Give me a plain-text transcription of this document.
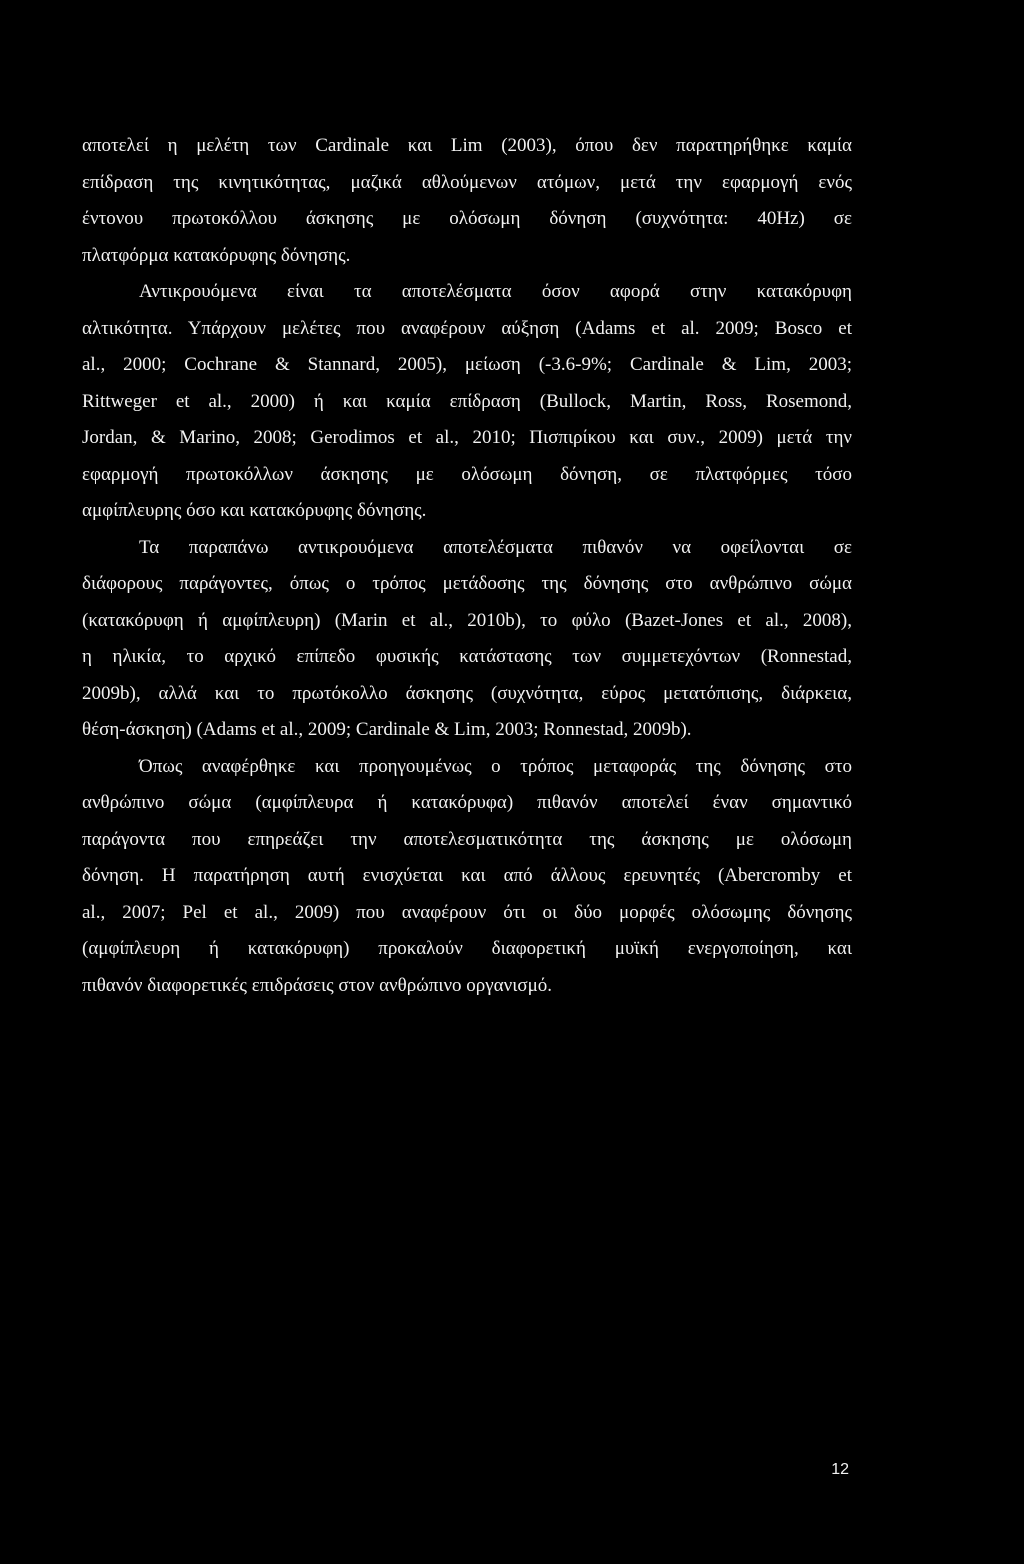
αποτελεί η μελέτη των Cardinale και Lim (2003), όπου δεν παρατηρήθηκε καμία
επίδραση της κινητικότητας, μαζικά αθλούμενων ατόμων, μετά την εφαρμογή ενός
έντονου πρωτοκόλλου άσκησης με ολόσωμη δόνηση (συχνότητα: 40Hz) σε
πλατφόρμα κατακόρυφης δόνησης.
Αντικρουόμενα είναι τα αποτελέσματα όσον αφορά στην κατακόρυφη
αλτικότητα. Υπάρχουν μελέτες που αναφέρουν αύξηση (Adams et al. 2009; Bosco et
al., 2000; Cochrane & Stannard, 2005), μείωση (-3.6-9%; Cardinale & Lim, 2003;
Rittweger et al., 2000) ή και καμία επίδραση (Bullock, Martin, Ross, Rosemond,
Jordan, & Marino, 2008; Gerodimos et al., 2010; Πισπιρίκου και συν., 2009) μετά την
εφαρμογή πρωτοκόλλων άσκησης με ολόσωμη δόνηση, σε πλατφόρμες τόσο
αμφίπλευρης όσο και κατακόρυφης δόνησης.
Τα παραπάνω αντικρουόμενα αποτελέσματα πιθανόν να οφείλονται σε
διάφορους παράγοντες, όπως ο τρόπος μετάδοσης της δόνησης στο ανθρώπινο σώμα
(κατακόρυφη ή αμφίπλευρη) (Marin et al., 2010b), το φύλο (Bazet-Jones et al., 2008),
η ηλικία, το αρχικό επίπεδο φυσικής κατάστασης των συμμετεχόντων (Ronnestad,
2009b), αλλά και το πρωτόκολλο άσκησης (συχνότητα, εύρος μετατόπισης, διάρκεια,
θέση-άσκηση) (Adams et al., 2009; Cardinale & Lim, 2003; Ronnestad, 2009b).
Όπως αναφέρθηκε και προηγουμένως ο τρόπος μεταφοράς της δόνησης στο
ανθρώπινο σώμα (αμφίπλευρα ή κατακόρυφα) πιθανόν αποτελεί έναν σημαντικό
παράγοντα που επηρεάζει την αποτελεσματικότητα της άσκησης με ολόσωμη
δόνηση. Η παρατήρηση αυτή ενισχύεται και από άλλους ερευνητές (Abercromby et
al., 2007; Pel et al., 2009) που αναφέρουν ότι οι δύο μορφές ολόσωμης δόνησης
(αμφίπλευρη ή κατακόρυφη) προκαλούν διαφορετική μυϊκή ενεργοποίηση, και
πιθανόν διαφορετικές επιδράσεις στον ανθρώπινο οργανισμό.
12
